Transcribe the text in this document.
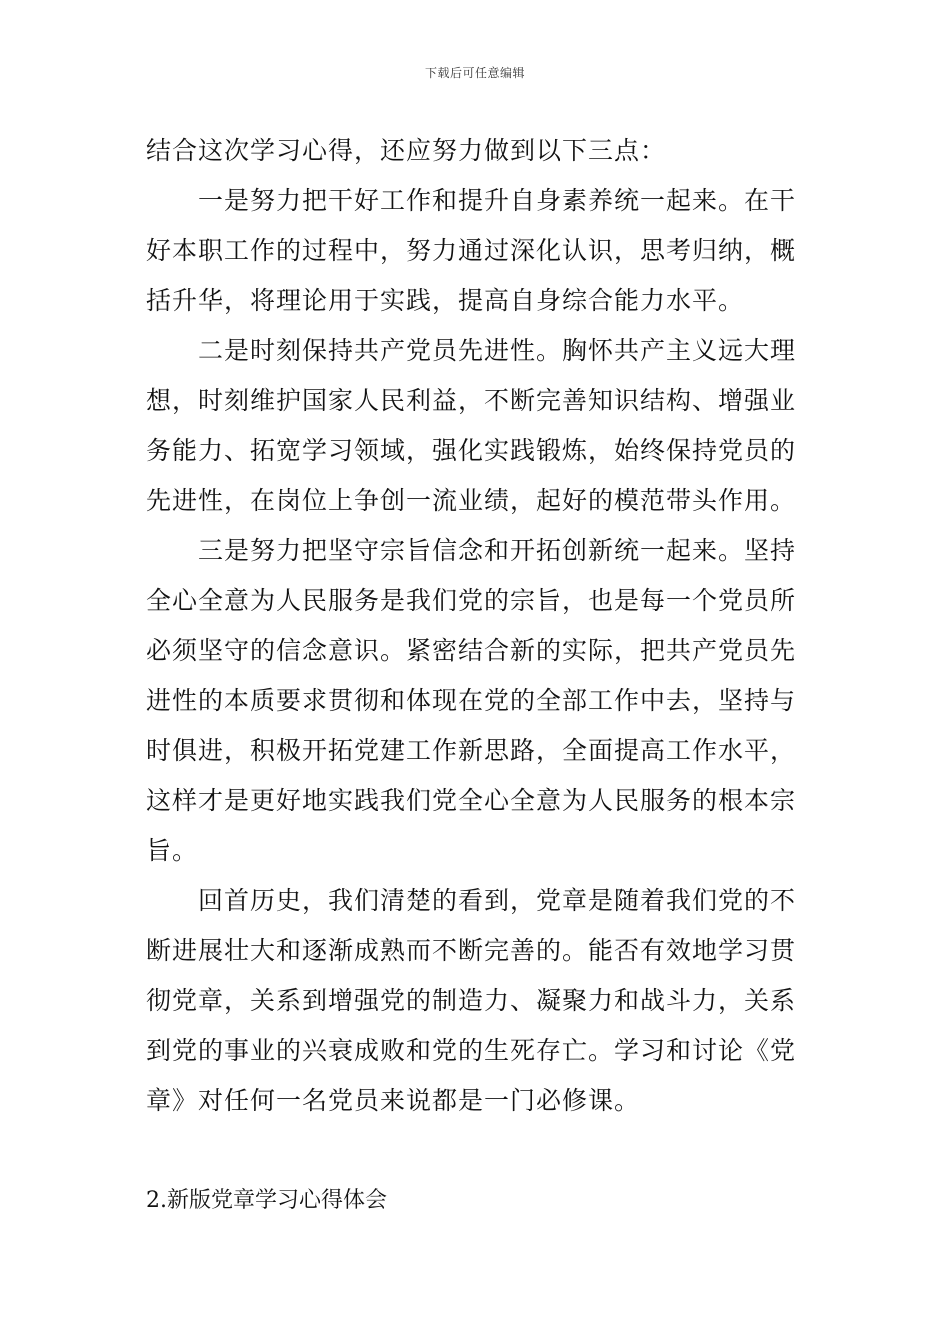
下载后可任意编辑
结合这次学习心得，还应努力做到以下三点：
一是努力把干好工作和提升自身素养统一起来。在干
好本职工作的过程中，努力通过深化认识，思考归纳，概
括升华，将理论用于实践，提高自身综合能力水平。
二是时刻保持共产党员先进性。胸怀共产主义远大理
想，时刻维护国家人民利益，不断完善知识结构、增强业
务能力、拓宽学习领域，强化实践锻炼，始终保持党员的
先进性，在岗位上争创一流业绩，起好的模范带头作用。
三是努力把坚守宗旨信念和开拓创新统一起来。坚持
全心全意为人民服务是我们党的宗旨，也是每一个党员所
必须坚守的信念意识。紧密结合新的实际，把共产党员先
进性的本质要求贯彻和体现在党的全部工作中去，坚持与
时俱进，积极开拓党建工作新思路，全面提高工作水平，
这样才是更好地实践我们党全心全意为人民服务的根本宗
旨。
回首历史，我们清楚的看到，党章是随着我们党的不
断进展壮大和逐渐成熟而不断完善的。能否有效地学习贯
彻党章，关系到增强党的制造力、凝聚力和战斗力，关系
到党的事业的兴衰成败和党的生死存亡。学习和讨论《党
章》对任何一名党员来说都是一门必修课。
2.新版党章学习心得体会
